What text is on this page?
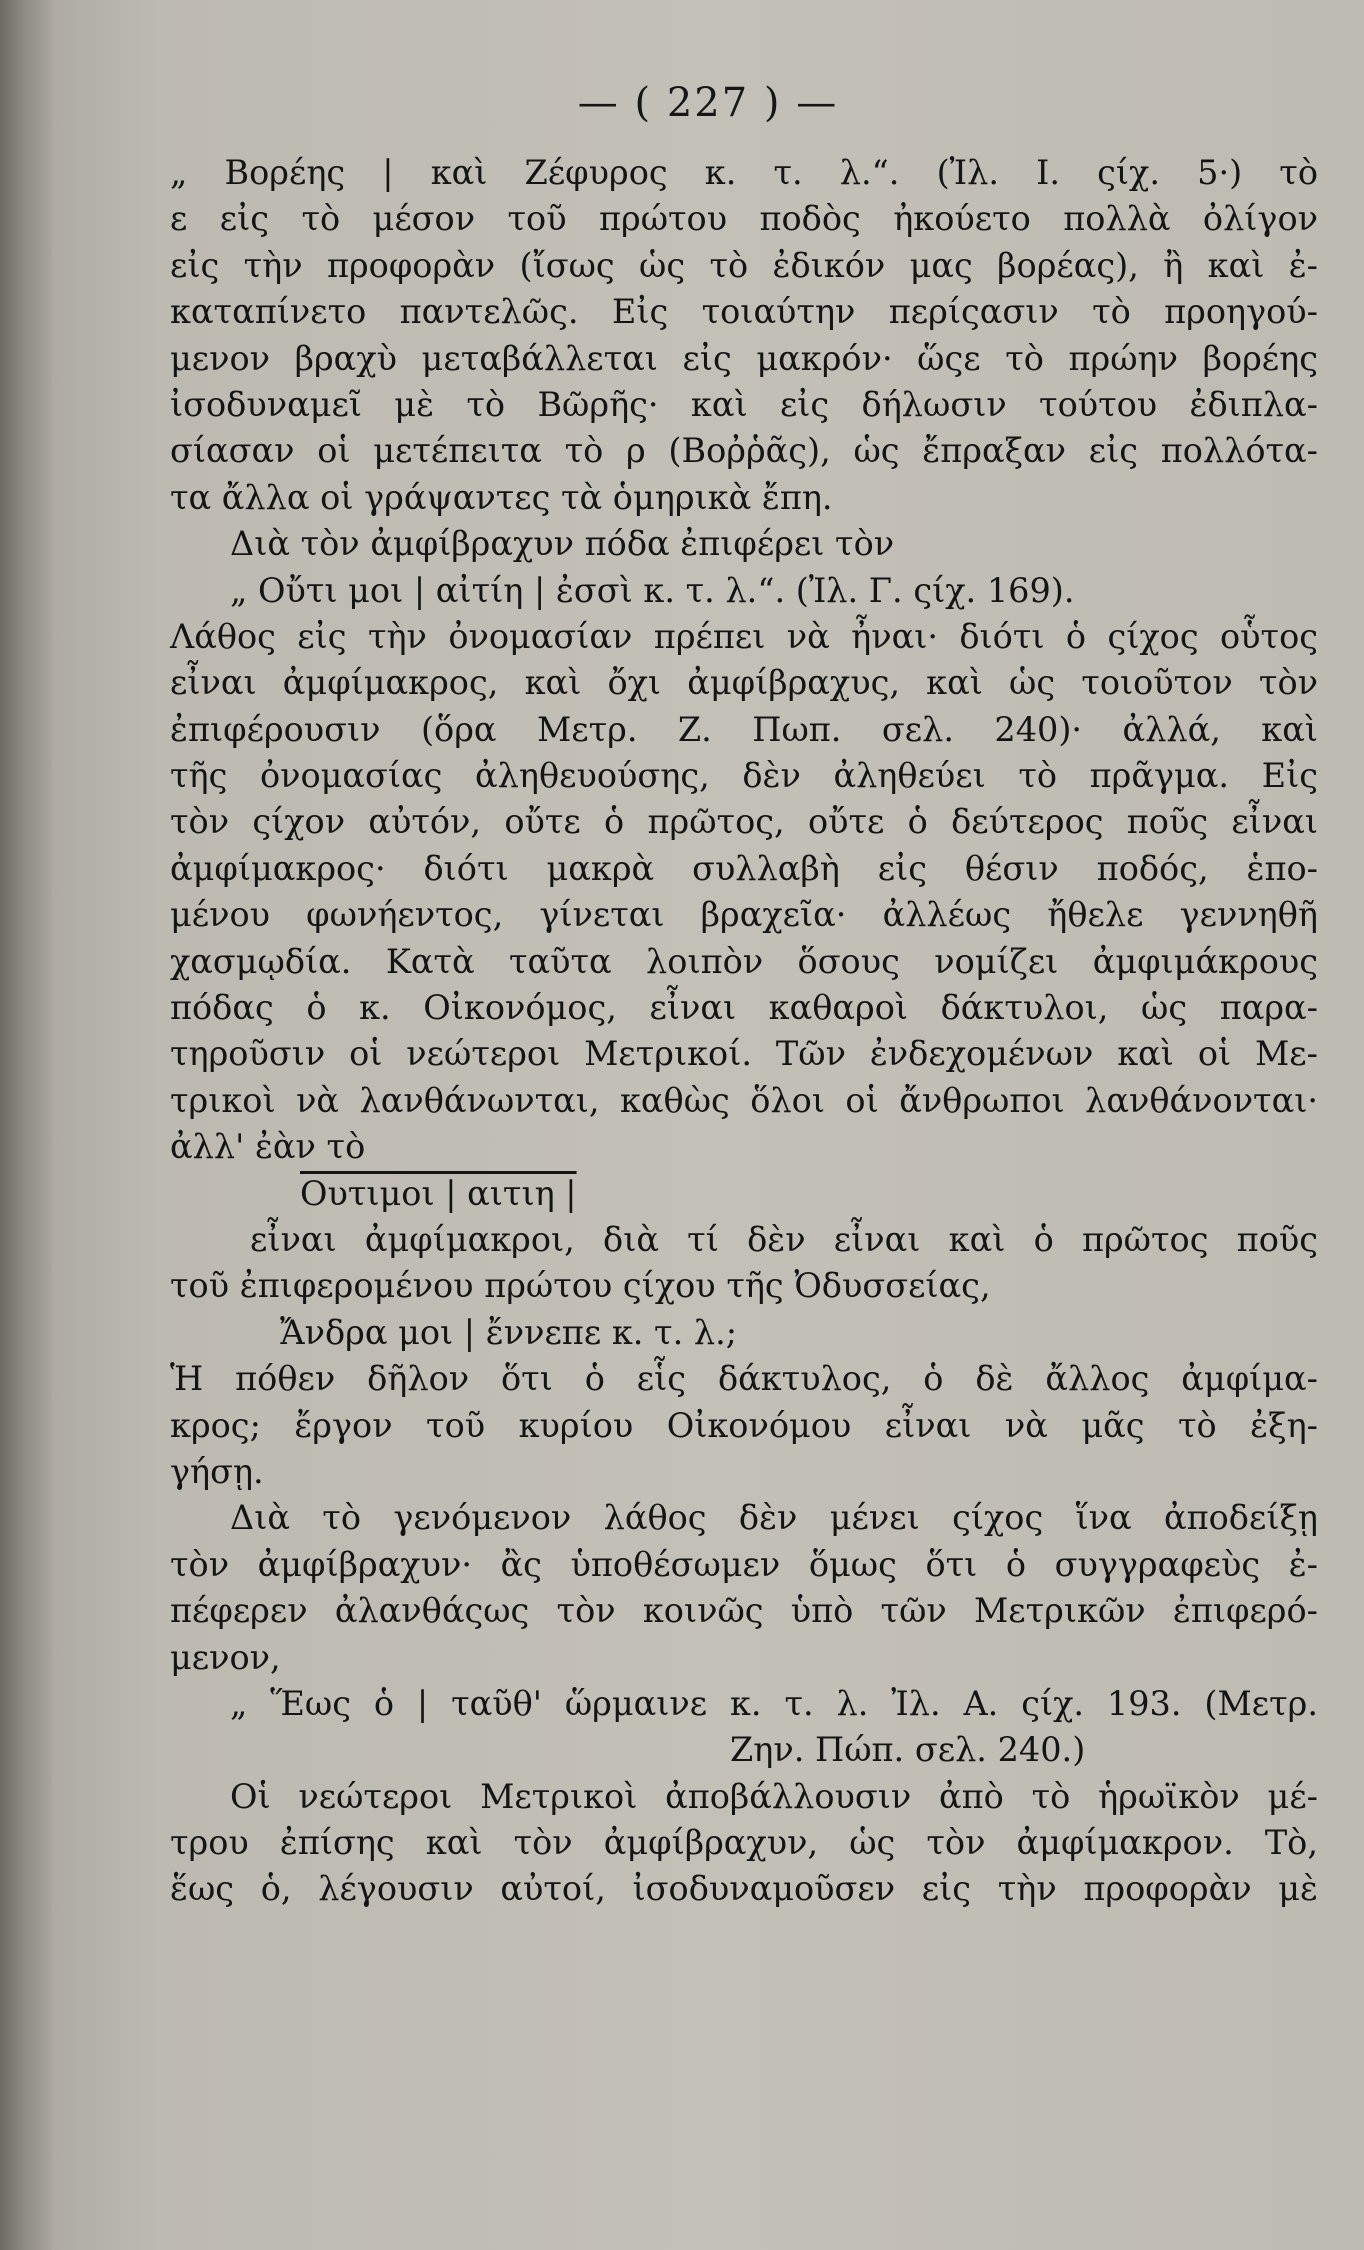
— ( 227 ) —
„ Βορέης | καὶ Ζέφυρος κ. τ. λ.“. (Ἰλ. Ι. ςίχ. 5·) τὸ
ε εἰς τὸ μέσον τοῦ πρώτου ποδὸς ἠκούετο πολλὰ ὀλίγον
εἰς τὴν προφορὰν (ἴσως ὡς τὸ ἐδικόν μας βορέας), ἢ καὶ ἐ-
καταπίνετο παντελῶς. Εἰς τοιαύτην περίςασιν τὸ προηγού-
μενον βραχὺ μεταβάλλεται εἰς μακρόν· ὥςε τὸ πρώην βορέης
ἰσοδυναμεῖ μὲ τὸ Βῶρῆς· καὶ εἰς δήλωσιν τούτου ἐδιπλα-
σίασαν οἱ μετέπειτα τὸ ρ (Βοῤῥᾶς), ὡς ἔπραξαν εἰς πολλότα-
τα ἄλλα οἱ γράψαντες τὰ ὁμηρικὰ ἔπη.
Διὰ τὸν ἀμφίβραχυν πόδα ἐπιφέρει τὸν
„ Οὔτι μοι | αἰτίη | ἐσσὶ κ. τ. λ.“. (Ἰλ. Γ. ςίχ. 169).
Λάθος εἰς τὴν ὀνομασίαν πρέπει νὰ ἦναι· διότι ὁ ςίχος οὗτος
εἶναι ἀμφίμακρος, καὶ ὄχι ἀμφίβραχυς, καὶ ὡς τοιοῦτον τὸν
ἐπιφέρουσιν (ὅρα Μετρ. Ζ. Πωπ. σελ. 240)· ἀλλά, καὶ
τῆς ὀνομασίας ἀληθευούσης, δὲν ἀληθεύει τὸ πρᾶγμα. Εἰς
τὸν ςίχον αὐτόν, οὔτε ὁ πρῶτος, οὔτε ὁ δεύτερος ποῦς εἶναι
ἀμφίμακρος· διότι μακρὰ συλλαβὴ εἰς θέσιν ποδός, ἑπο-
μένου φωνήεντος, γίνεται βραχεῖα· ἀλλέως ἤθελε γεννηθῆ
χασμῳδία. Κατὰ ταῦτα λοιπὸν ὅσους νομίζει ἀμφιμάκρους
πόδας ὁ κ. Οἰκονόμος, εἶναι καθαροὶ δάκτυλοι, ὡς παρα-
τηροῦσιν οἱ νεώτεροι Μετρικοί. Τῶν ἐνδεχομένων καὶ οἱ Με-
τρικοὶ νὰ λανθάνωνται, καθὼς ὅλοι οἱ ἄνθρωποι λανθάνονται·
ἀλλ' ἐὰν τὸ
Ουτιμοι | αιτιη |
εἶναι ἀμφίμακροι, διὰ τί δὲν εἶναι καὶ ὁ πρῶτος ποῦς
τοῦ ἐπιφερομένου πρώτου ςίχου τῆς Ὀδυσσείας,
Ἄνδρα μοι | ἔννεπε κ. τ. λ.;
Ἡ πόθεν δῆλον ὅτι ὁ εἷς δάκτυλος, ὁ δὲ ἄλλος ἀμφίμα-
κρος; ἔργον τοῦ κυρίου Οἰκονόμου εἶναι νὰ μᾶς τὸ ἐξη-
γήσῃ.
Διὰ τὸ γενόμενον λάθος δὲν μένει ςίχος ἵνα ἀποδείξῃ
τὸν ἀμφίβραχυν· ἂς ὑποθέσωμεν ὅμως ὅτι ὁ συγγραφεὺς ἐ-
πέφερεν ἀλανθάςως τὸν κοινῶς ὑπὸ τῶν Μετρικῶν ἐπιφερό-
μενον,
„ Ἕως ὁ | ταῦθ' ὥρμαινε κ. τ. λ. Ἰλ. Α. ςίχ. 193. (Μετρ.
Ζην. Πώπ. σελ. 240.)
Οἱ νεώτεροι Μετρικοὶ ἀποβάλλουσιν ἀπὸ τὸ ἡρωϊκὸν μέ-
τρου ἐπίσης καὶ τὸν ἀμφίβραχυν, ὡς τὸν ἀμφίμακρον. Τὸ,
ἕως ὁ, λέγουσιν αὐτοί, ἰσοδυναμοῦσεν εἰς τὴν προφορὰν μὲ
